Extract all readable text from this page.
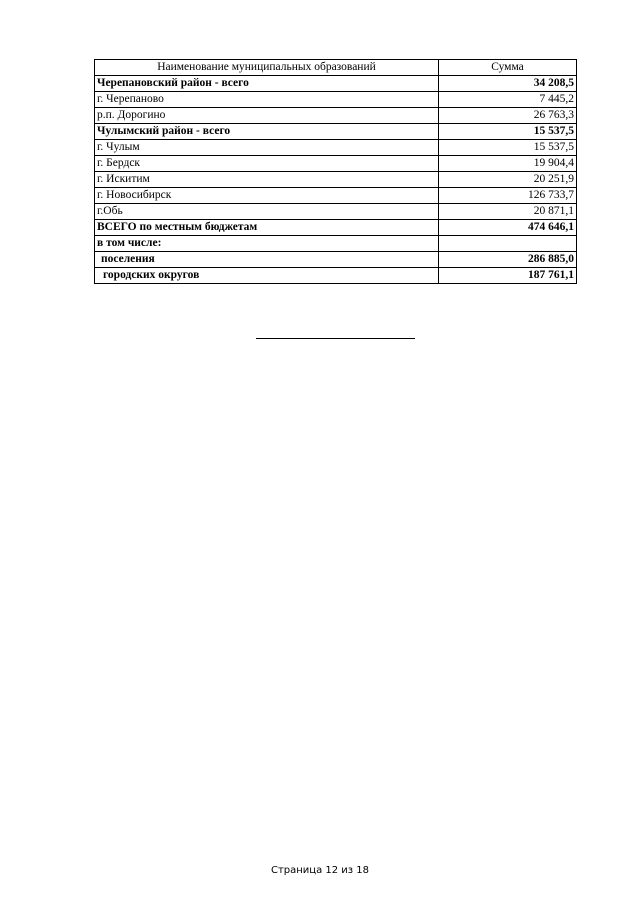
Наименование муниципальных образований	Сумма
Черепановский район - всего	34 208,5
г. Черепаново	7 445,2
р.п. Дорогино	26 763,3
Чулымский район - всего	15 537,5
г. Чулым	15 537,5
г. Бердск	19 904,4
г. Искитим	20 251,9
г. Новосибирск	126 733,7
г.Обь	20 871,1
ВСЕГО по местным бюджетам	474 646,1
в том числе:	
поселения	286 885,0
городских округов	187 761,1
Страница 12 из 18
